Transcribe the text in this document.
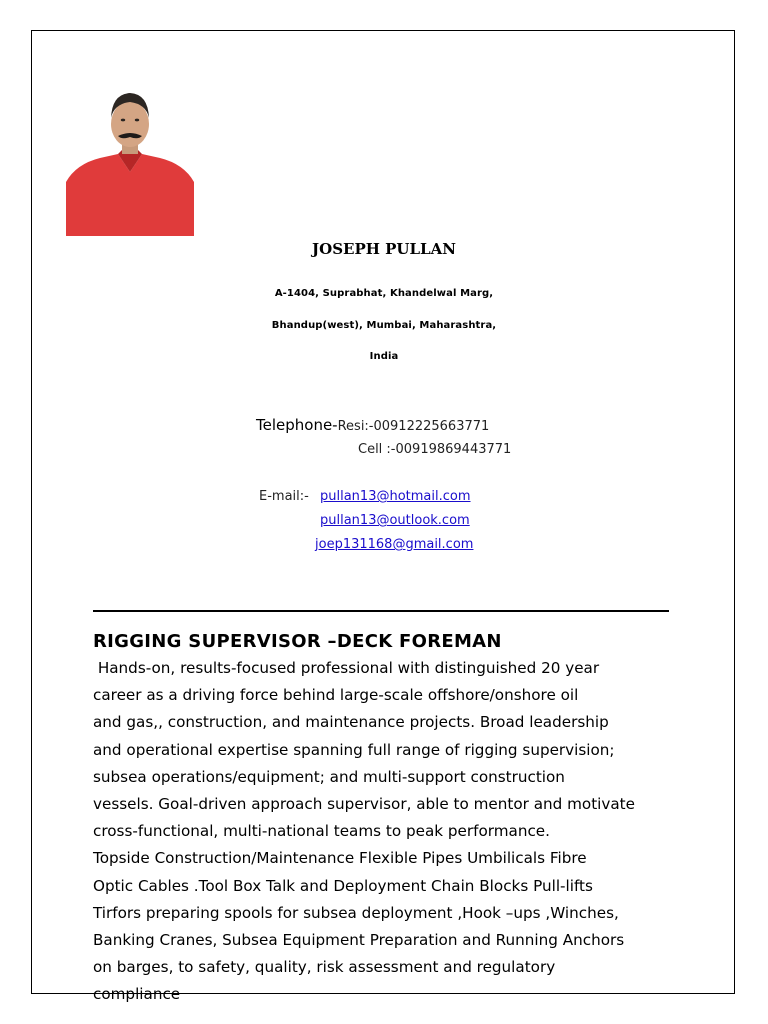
JOSEPH PULLAN
A-1404, Suprabhat, Khandelwal Marg,
Bhandup(west), Mumbai, Maharashtra,
India
Telephone-Resi:-00912225663771
Cell :-00919869443771
E-mail:- pullan13@hotmail.com
pullan13@outlook.com
joep131168@gmail.com
RIGGING SUPERVISOR –DECK FOREMAN
Hands-on, results-focused professional with distinguished 20 year
career as a driving force behind large-scale offshore/onshore oil
and gas,, construction, and maintenance projects. Broad leadership
and operational expertise spanning full range of rigging supervision;
subsea operations/equipment; and multi-support construction
vessels. Goal-driven approach supervisor, able to mentor and motivate
cross-functional, multi-national teams to peak performance.
Topside Construction/Maintenance Flexible Pipes Umbilicals Fibre
Optic Cables .Tool Box Talk and Deployment Chain Blocks Pull-lifts
Tirfors preparing spools for subsea deployment ,Hook –ups ,Winches,
Banking Cranes, Subsea Equipment Preparation and Running Anchors
on barges, to safety, quality, risk assessment and regulatory
compliance
